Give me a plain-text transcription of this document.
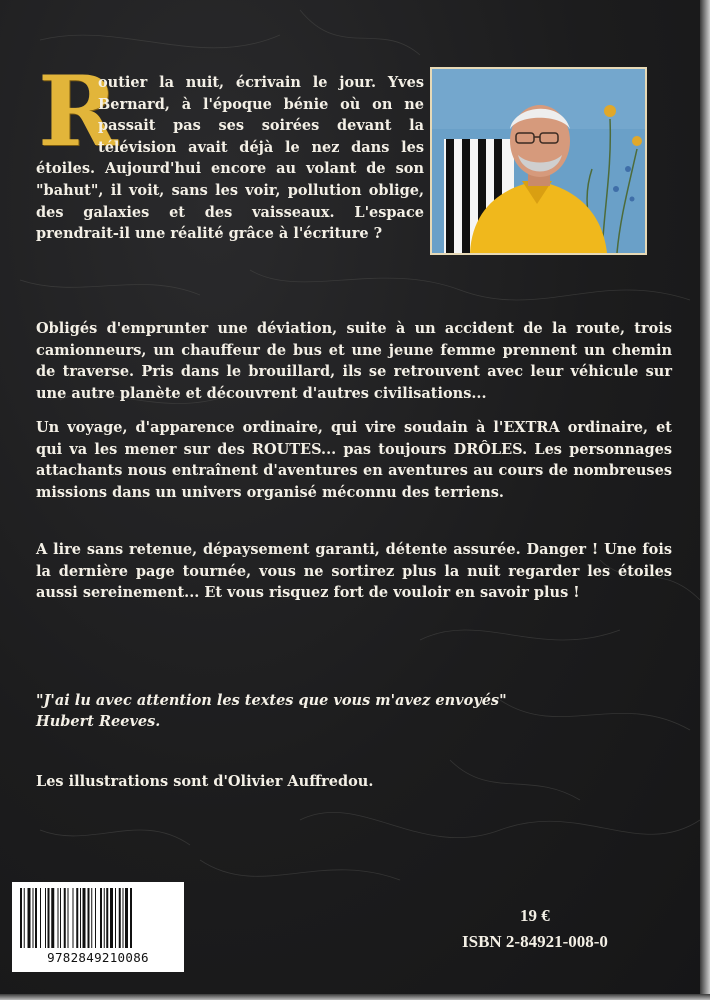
R

outier la nuit, écrivain le jour. Yves Bernard, à l'époque bénie où on ne passait pas ses soirées devant la télévision avait déjà le nez dans les étoiles. Aujourd'hui encore au volant de son "bahut", il voit, sans les voir, pollution oblige, des galaxies et des vaisseaux. L'espace prendrait-il une réalité grâce à l'écriture ?

Obligés d'emprunter une déviation, suite à un accident de la route, trois camionneurs, un chauffeur de bus et une jeune femme prennent un chemin de traverse. Pris dans le brouillard, ils se retrouvent avec leur véhicule sur une autre planète et découvrent d'autres civilisations...

Un voyage, d'apparence ordinaire, qui vire soudain à l'EXTRA ordinaire, et qui va les mener sur des ROUTES... pas toujours DRÔLES. Les personnages attachants nous entraînent d'aventures en aventures au cours de nombreuses missions dans un univers organisé méconnu des terriens.

A lire sans retenue, dépaysement garanti, détente assurée. Danger ! Une fois la dernière page tournée, vous ne sortirez plus la nuit regarder les étoiles aussi sereinement... Et vous risquez fort de vouloir en savoir plus !

"J'ai lu avec attention les textes que vous m'avez envoyés"
Hubert Reeves.

Les illustrations sont d'Olivier Auffredou.

9782849210086
19 €
ISBN 2-84921-008-0
